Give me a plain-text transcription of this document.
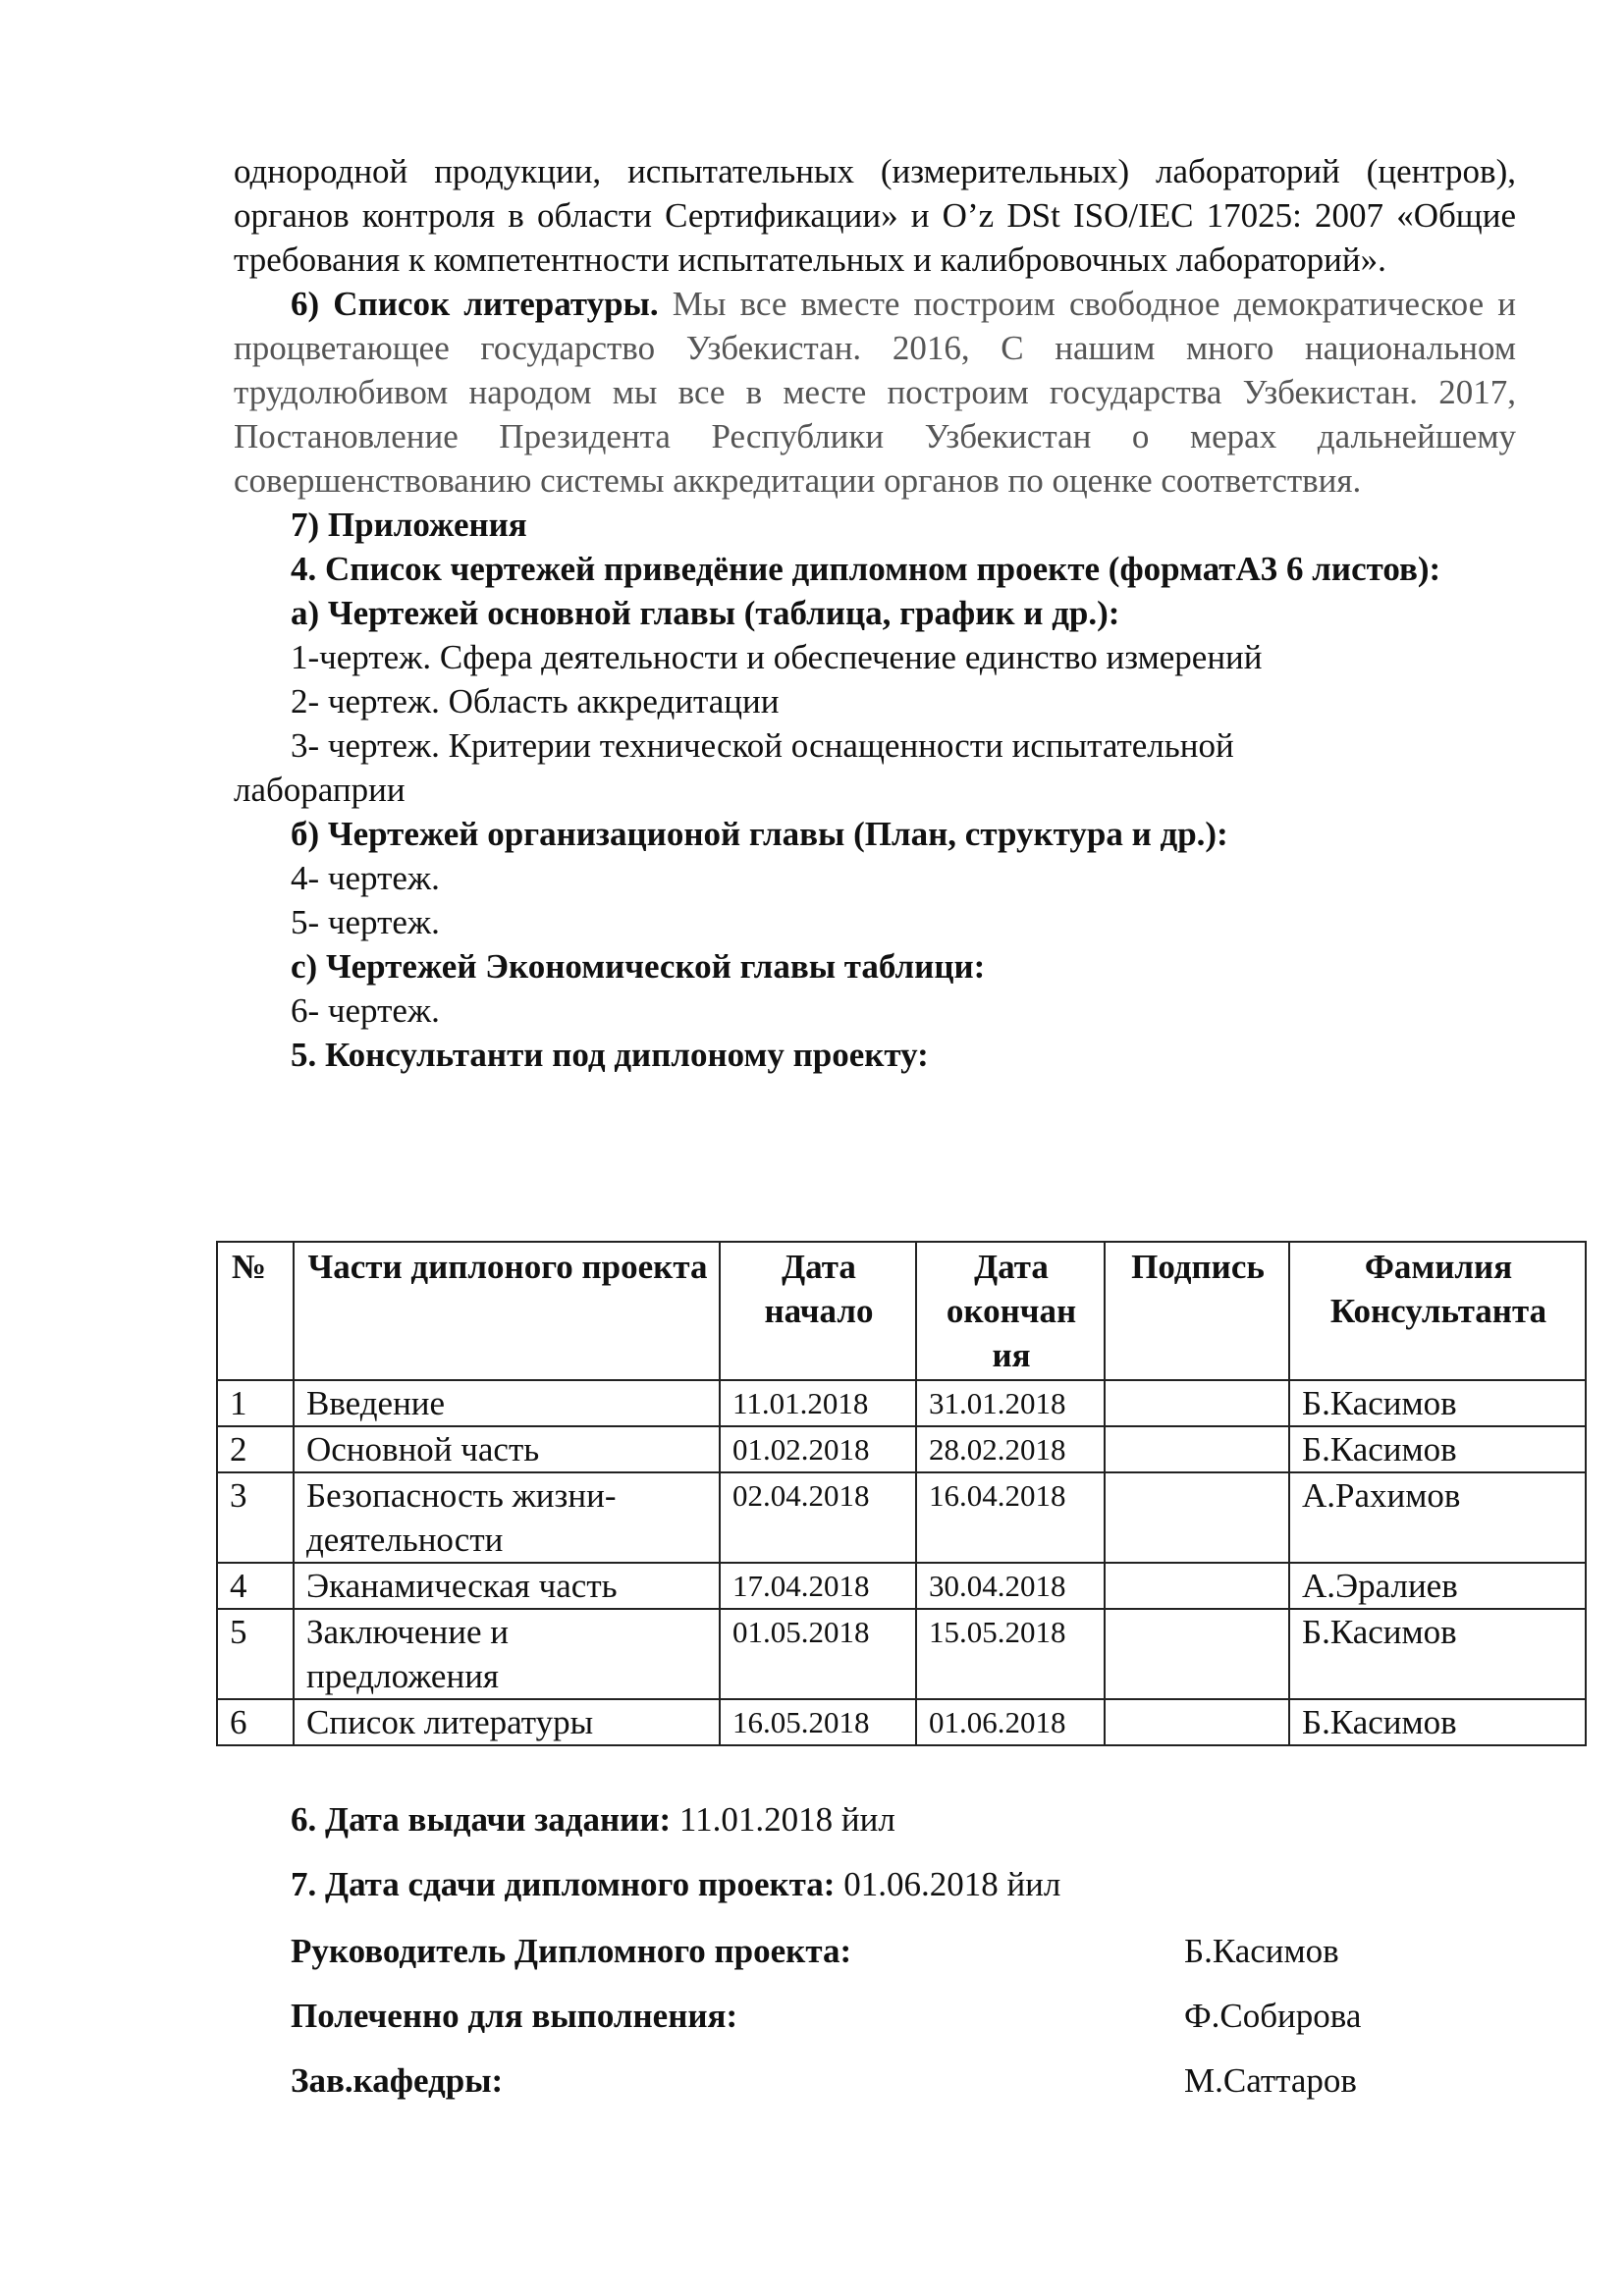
однородной продукции, испытательных (измерительных) лабораторий (центров), органов контроля в области Сертификации» и O’z DSt ISO/IEC 17025: 2007 «Общие требования к компетентности испытательных и калибровочных лабораторий».

6) Список литературы. Мы все вместе построим свободное демократическое и процветающее государство Узбекистан. 2016, С нашим много национальном трудолюбивом народом мы все в месте построим государства Узбекистан. 2017, Постановление Президента Республики Узбекистан о мерах дальнейшему совершенствованию системы аккредитации органов по оценке соответствия.

7) Приложения

4. Список чертежей приведёние дипломном проекте (форматА3 6 листов):

а) Чертежей основной главы (таблица, график и др.):

1-чертеж. Сфера деятельности и обеспечение единство измерений

2- чертеж. Область аккредитации

3- чертеж. Критерии технической оснащенности испытательной

лабораприи

б) Чертежей организационой главы (План, структура и др.):

4- чертеж.

5- чертеж.

с) Чертежей Экономической главы таблици:

6- чертеж.

5. Консультанти под диплоному проекту:

№	Части диплоного проекта	Дата начало	Дата окончан ия	Подпись	Фамилия Консультанта
1	Введение	11.01.2018	31.01.2018		Б.Касимов
2	Основной часть	01.02.2018	28.02.2018		Б.Касимов
3	Безопасность жизни-деятельности	02.04.2018	16.04.2018		А.Рахимов
4	Эканамическая часть	17.04.2018	30.04.2018		А.Эралиев
5	Заключение и предложения	01.05.2018	15.05.2018		Б.Касимов
6	Список литературы	16.05.2018	01.06.2018		Б.Касимов
6. Дата выдачи задании: 11.01.2018 йил
7. Дата сдачи дипломного проекта: 01.06.2018 йил
Руководитель Дипломного проекта:	Б.Касимов
Полеченно для выполнения:	Ф.Собирова
Зав.кафедры:	М.Саттаров
